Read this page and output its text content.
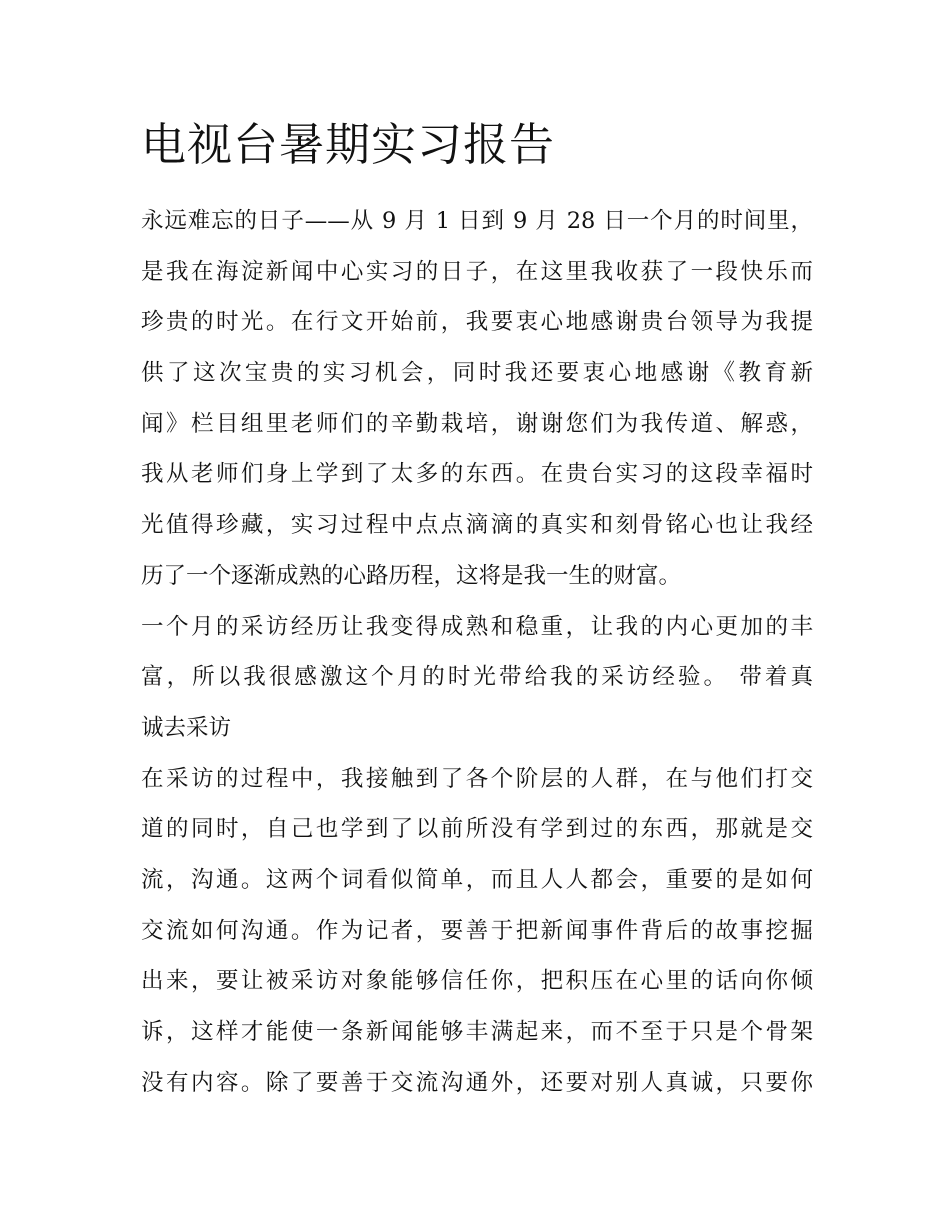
电视台暑期实习报告
永远难忘的日子——从 9 月 1 日到 9 月 28 日一个月的时间里，
是我在海淀新闻中心实习的日子，在这里我收获了一段快乐而
珍贵的时光。在行文开始前，我要衷心地感谢贵台领导为我提
供了这次宝贵的实习机会，同时我还要衷心地感谢《教育新
闻》栏目组里老师们的辛勤栽培，谢谢您们为我传道、解惑，
我从老师们身上学到了太多的东西。在贵台实习的这段幸福时
光值得珍藏，实习过程中点点滴滴的真实和刻骨铭心也让我经
历了一个逐渐成熟的心路历程，这将是我一生的财富。
一个月的采访经历让我变得成熟和稳重，让我的内心更加的丰
富，所以我很感激这个月的时光带给我的采访经验。 带着真
诚去采访
在采访的过程中，我接触到了各个阶层的人群，在与他们打交
道的同时，自己也学到了以前所没有学到过的东西，那就是交
流，沟通。这两个词看似简单，而且人人都会，重要的是如何
交流如何沟通。作为记者，要善于把新闻事件背后的故事挖掘
出来，要让被采访对象能够信任你，把积压在心里的话向你倾
诉，这样才能使一条新闻能够丰满起来，而不至于只是个骨架
没有内容。除了要善于交流沟通外，还要对别人真诚，只要你
